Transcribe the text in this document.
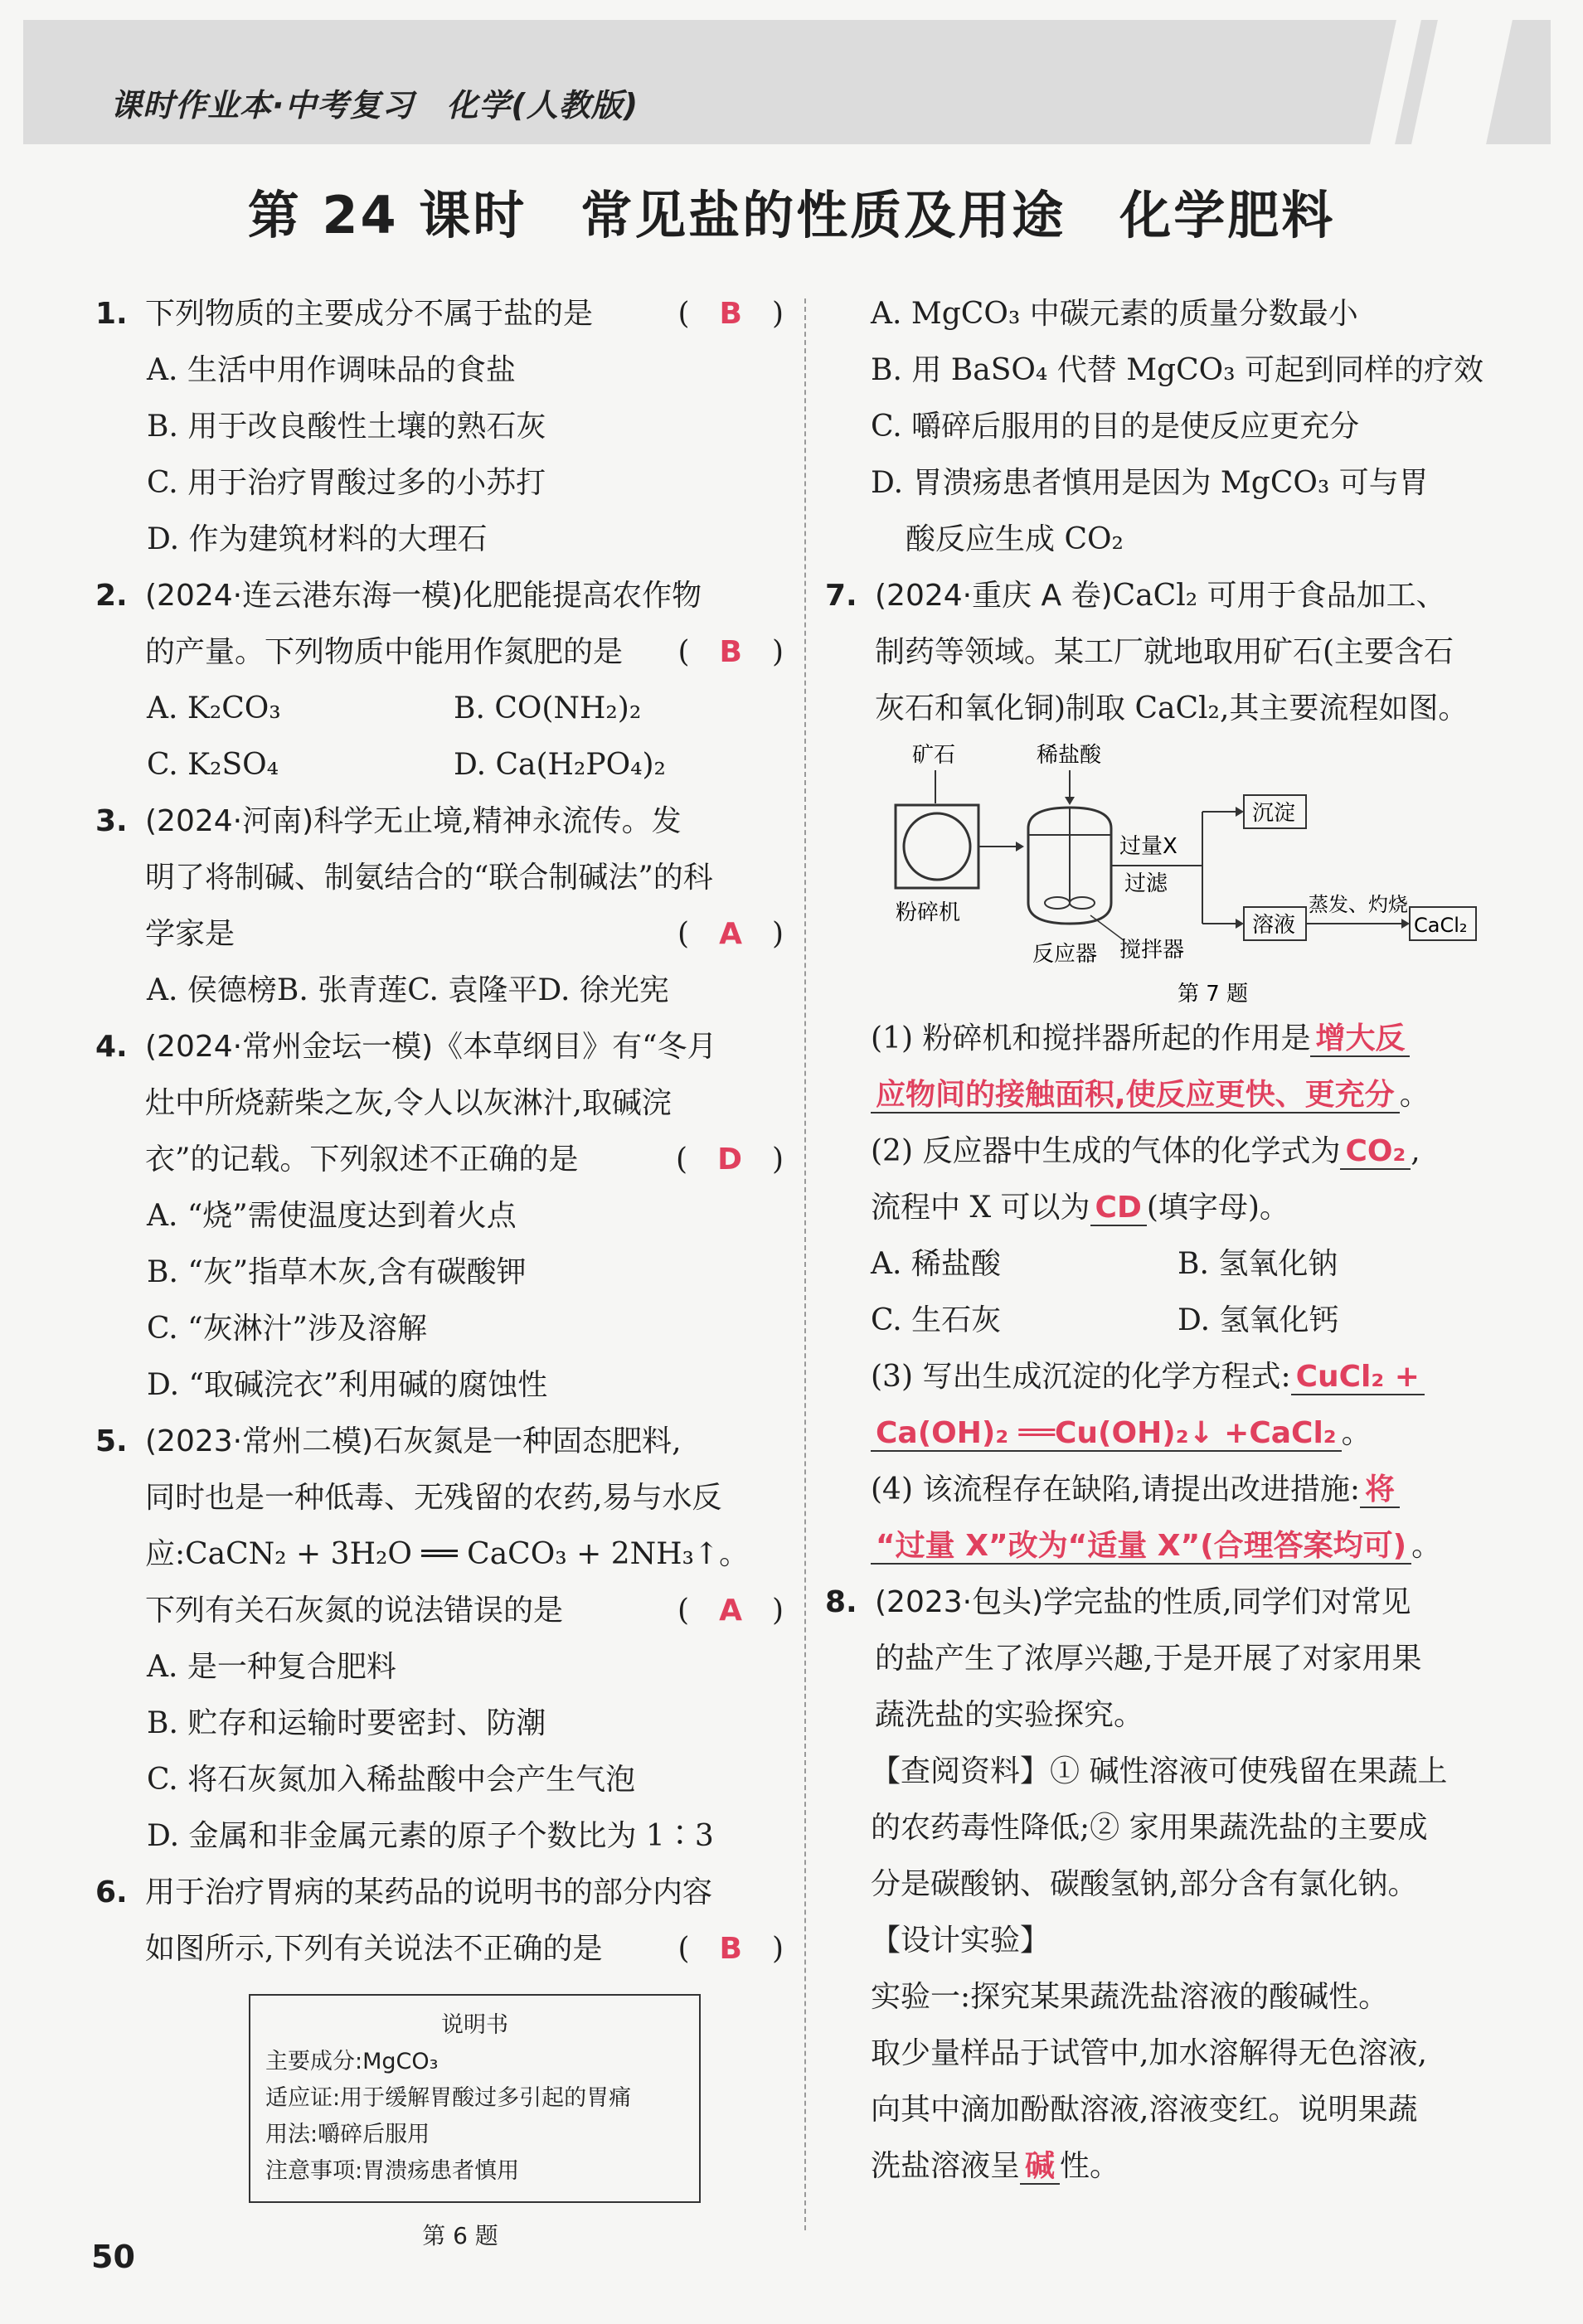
课时作业本·中考复习　化学(人教版)
第 24 课时　常见盐的性质及用途　化学肥料
1. 下列物质的主要成分不属于盐的是	(　B　)
A. 生活中用作调味品的食盐
B. 用于改良酸性土壤的熟石灰
C. 用于治疗胃酸过多的小苏打
D. 作为建筑材料的大理石
2. (2024·连云港东海一模)化肥能提高农作物
的产量。下列物质中能用作氮肥的是 (　B　)
A. K₂CO₃	B. CO(NH₂)₂
C. K₂SO₄	D. Ca(H₂PO₄)₂
3. (2024·河南)科学无止境,精神永流传。发
明了将制碱、制氨结合的“联合制碱法”的科
学家是	(　A　)
A. 侯德榜B. 张青莲C. 袁隆平D. 徐光宪
4. (2024·常州金坛一模)《本草纲目》有“冬月
灶中所烧薪柴之灰,令人以灰淋汁,取碱浣
衣”的记载。下列叙述不正确的是	(　D　)
A. “烧”需使温度达到着火点
B. “灰”指草木灰,含有碳酸钾
C. “灰淋汁”涉及溶解
D. “取碱浣衣”利用碱的腐蚀性
5. (2023·常州二模)石灰氮是一种固态肥料,
同时也是一种低毒、无残留的农药,易与水反
应:CaCN₂ + 3H₂O ══ CaCO₃ + 2NH₃↑。
下列有关石灰氮的说法错误的是	(　A　)
A. 是一种复合肥料
B. 贮存和运输时要密封、防潮
C. 将石灰氮加入稀盐酸中会产生气泡
D. 金属和非金属元素的原子个数比为 1∶3
6. 用于治疗胃病的某药品的说明书的部分内容
如图所示,下列有关说法不正确的是	(　B　)
说明书
主要成分:MgCO₃
适应证:用于缓解胃酸过多引起的胃痛
用法:嚼碎后服用
注意事项:胃溃疡患者慎用
第 6 题
A. MgCO₃ 中碳元素的质量分数最小
B. 用 BaSO₄ 代替 MgCO₃ 可起到同样的疗效
C. 嚼碎后服用的目的是使反应更充分
D. 胃溃疡患者慎用是因为 MgCO₃ 可与胃
酸反应生成 CO₂
7. (2024·重庆 A 卷)CaCl₂ 可用于食品加工、
制药等领域。某工厂就地取用矿石(主要含石
灰石和氧化铜)制取 CaCl₂,其主要流程如图。
矿石
粉碎机
稀盐酸
反应器 搅拌器
过量X
过滤
沉淀
溶液
蒸发、灼烧
CaCl₂
第 7 题
(1) 粉碎机和搅拌器所起的作用是 增大反
应物间的接触面积,使反应更快、更充分 。
(2) 反应器中生成的气体的化学式为 CO₂ ,
流程中 X 可以为 CD (填字母)。
A. 稀盐酸	B. 氢氧化钠
C. 生石灰	D. 氢氧化钙
(3) 写出生成沉淀的化学方程式: CuCl₂ +
Ca(OH)₂ ══Cu(OH)₂↓ +CaCl₂ 。
(4) 该流程存在缺陷,请提出改进措施: 将
“过量 X”改为“适量 X”(合理答案均可) 。
8. (2023·包头)学完盐的性质,同学们对常见
的盐产生了浓厚兴趣,于是开展了对家用果
蔬洗盐的实验探究。
【查阅资料】① 碱性溶液可使残留在果蔬上
的农药毒性降低;② 家用果蔬洗盐的主要成
分是碳酸钠、碳酸氢钠,部分含有氯化钠。
【设计实验】
实验一:探究某果蔬洗盐溶液的酸碱性。
取少量样品于试管中,加水溶解得无色溶液,
向其中滴加酚酞溶液,溶液变红。说明果蔬
洗盐溶液呈 碱 性。
50
